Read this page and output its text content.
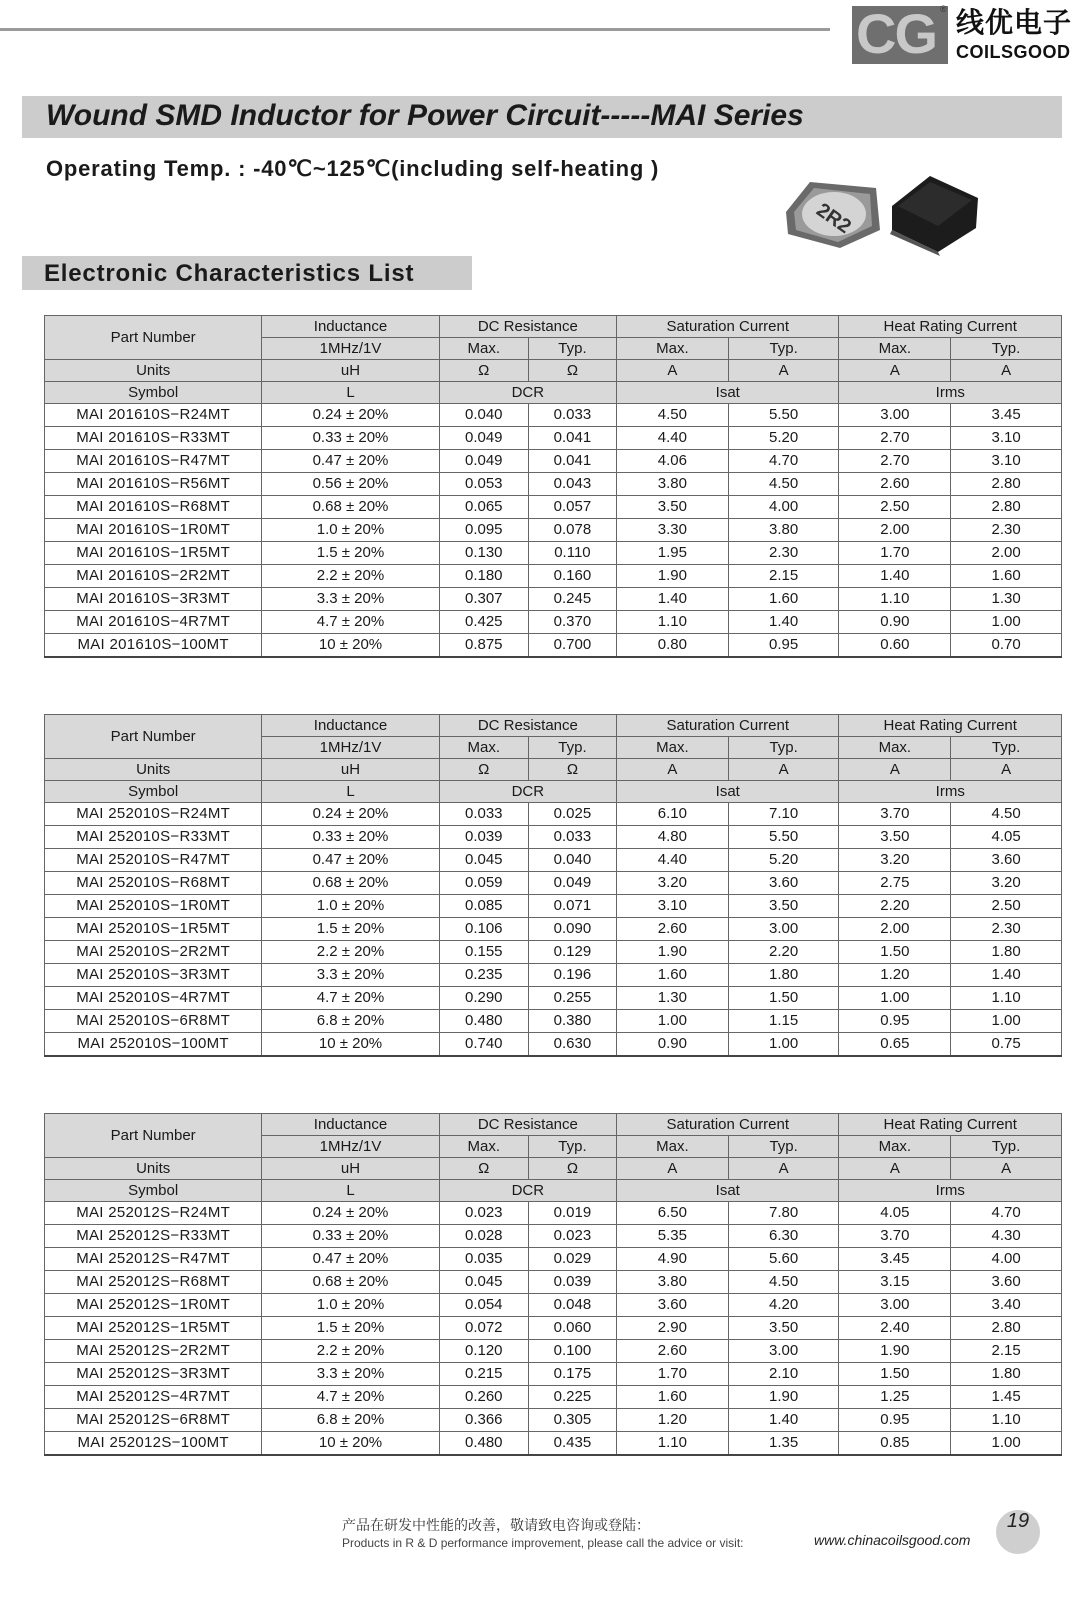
CG ® 线优电子
COILSGOOD
Wound SMD Inductor for Power Circuit-----MAI Series
Operating Temp. : -40℃~125℃(including self-heating )
2R2
Electronic Characteristics List
Part Number	Inductance	DC Resistance		Saturation Current		Heat Rating Current	
	1MHz/1V	Max.	Typ.	Max.	Typ.	Max.	Typ.
Units	uH	Ω	Ω	A	A	A	A
Symbol	L	DCR		Isat		Irms	
MAI 201610S−R24MT	0.24 ± 20%	0.040	0.033	4.50	5.50	3.00	3.45
MAI 201610S−R33MT	0.33 ± 20%	0.049	0.041	4.40	5.20	2.70	3.10
MAI 201610S−R47MT	0.47 ± 20%	0.049	0.041	4.06	4.70	2.70	3.10
MAI 201610S−R56MT	0.56 ± 20%	0.053	0.043	3.80	4.50	2.60	2.80
MAI 201610S−R68MT	0.68 ± 20%	0.065	0.057	3.50	4.00	2.50	2.80
MAI 201610S−1R0MT	1.0 ± 20%	0.095	0.078	3.30	3.80	2.00	2.30
MAI 201610S−1R5MT	1.5 ± 20%	0.130	0.110	1.95	2.30	1.70	2.00
MAI 201610S−2R2MT	2.2 ± 20%	0.180	0.160	1.90	2.15	1.40	1.60
MAI 201610S−3R3MT	3.3 ± 20%	0.307	0.245	1.40	1.60	1.10	1.30
MAI 201610S−4R7MT	4.7 ± 20%	0.425	0.370	1.10	1.40	0.90	1.00
MAI 201610S−100MT	10 ± 20%	0.875	0.700	0.80	0.95	0.60	0.70
Part Number	Inductance	DC Resistance		Saturation Current		Heat Rating Current	
	1MHz/1V	Max.	Typ.	Max.	Typ.	Max.	Typ.
Units	uH	Ω	Ω	A	A	A	A
Symbol	L	DCR		Isat		Irms	
MAI 252010S−R24MT	0.24 ± 20%	0.033	0.025	6.10	7.10	3.70	4.50
MAI 252010S−R33MT	0.33 ± 20%	0.039	0.033	4.80	5.50	3.50	4.05
MAI 252010S−R47MT	0.47 ± 20%	0.045	0.040	4.40	5.20	3.20	3.60
MAI 252010S−R68MT	0.68 ± 20%	0.059	0.049	3.20	3.60	2.75	3.20
MAI 252010S−1R0MT	1.0 ± 20%	0.085	0.071	3.10	3.50	2.20	2.50
MAI 252010S−1R5MT	1.5 ± 20%	0.106	0.090	2.60	3.00	2.00	2.30
MAI 252010S−2R2MT	2.2 ± 20%	0.155	0.129	1.90	2.20	1.50	1.80
MAI 252010S−3R3MT	3.3 ± 20%	0.235	0.196	1.60	1.80	1.20	1.40
MAI 252010S−4R7MT	4.7 ± 20%	0.290	0.255	1.30	1.50	1.00	1.10
MAI 252010S−6R8MT	6.8 ± 20%	0.480	0.380	1.00	1.15	0.95	1.00
MAI 252010S−100MT	10 ± 20%	0.740	0.630	0.90	1.00	0.65	0.75
Part Number	Inductance	DC Resistance		Saturation Current		Heat Rating Current	
	1MHz/1V	Max.	Typ.	Max.	Typ.	Max.	Typ.
Units	uH	Ω	Ω	A	A	A	A
Symbol	L	DCR		Isat		Irms	
MAI 252012S−R24MT	0.24 ± 20%	0.023	0.019	6.50	7.80	4.05	4.70
MAI 252012S−R33MT	0.33 ± 20%	0.028	0.023	5.35	6.30	3.70	4.30
MAI 252012S−R47MT	0.47 ± 20%	0.035	0.029	4.90	5.60	3.45	4.00
MAI 252012S−R68MT	0.68 ± 20%	0.045	0.039	3.80	4.50	3.15	3.60
MAI 252012S−1R0MT	1.0 ± 20%	0.054	0.048	3.60	4.20	3.00	3.40
MAI 252012S−1R5MT	1.5 ± 20%	0.072	0.060	2.90	3.50	2.40	2.80
MAI 252012S−2R2MT	2.2 ± 20%	0.120	0.100	2.60	3.00	1.90	2.15
MAI 252012S−3R3MT	3.3 ± 20%	0.215	0.175	1.70	2.10	1.50	1.80
MAI 252012S−4R7MT	4.7 ± 20%	0.260	0.225	1.60	1.90	1.25	1.45
MAI 252012S−6R8MT	6.8 ± 20%	0.366	0.305	1.20	1.40	0.95	1.10
MAI 252012S−100MT	10 ± 20%	0.480	0.435	1.10	1.35	0.85	1.00
产品在研发中性能的改善，敬请致电咨询或登陆：
Products in R & D performance improvement, please call the advice or visit:	www.chinacoilsgood.com
19
